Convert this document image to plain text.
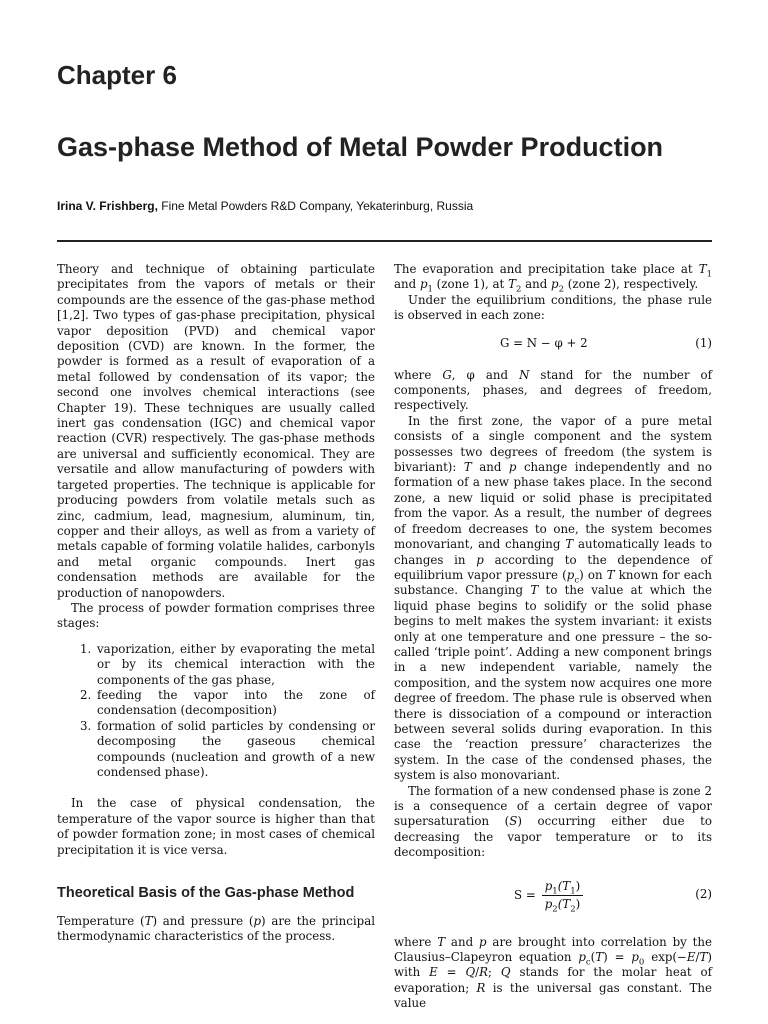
Chapter 6
Gas-phase Method of Metal Powder Production
Irina V. Frishberg, Fine Metal Powders R&D Company, Yekaterinburg, Russia

Theory and technique of obtaining particulate precipitates from the vapors of metals or their compounds are the essence of the gas-phase method [1,2]. Two types of gas-phase precipitation, physical vapor deposition (PVD) and chemical vapor deposition (CVD) are known. In the former, the powder is formed as a result of evaporation of a metal followed by condensation of its vapor; the second one involves chemical interactions (see Chapter 19). These techniques are usually called inert gas condensation (IGC) and chemical vapor reaction (CVR) respectively. The gas-phase methods are universal and sufficiently economical. They are versatile and allow manufacturing of powders with targeted properties. The technique is applicable for producing powders from volatile metals such as zinc, cadmium, lead, magnesium, aluminum, tin, copper and their alloys, as well as from a variety of metals capable of forming volatile halides, carbonyls and metal organic compounds. Inert gas condensation methods are available for the production of nanopowders.

The process of powder formation comprises three stages:

1. vaporization, either by evaporating the metal or by its chemical interaction with the components of the gas phase,
2. feeding the vapor into the zone of condensation (decomposition)
3. formation of solid particles by condensing or decomposing the gaseous chemical compounds (nucleation and growth of a new condensed phase).

In the case of physical condensation, the temperature of the vapor source is higher than that of powder formation zone; in most cases of chemical precipitation it is vice versa.

Theoretical Basis of the Gas-phase Method

Temperature (T) and pressure (p) are the principal thermodynamic characteristics of the process.

The evaporation and precipitation take place at $T_1$ and $p_1$ (zone 1), at $T_2$ and $p_2$ (zone 2), respectively.

Under the equilibrium conditions, the phase rule is observed in each zone:

G = N − φ + 2	(1)

where G, φ and N stand for the number of components, phases, and degrees of freedom, respectively.

In the first zone, the vapor of a pure metal consists of a single component and the system possesses two degrees of freedom (the system is bivariant): T and p change independently and no formation of a new phase takes place. In the second zone, a new liquid or solid phase is precipitated from the vapor. As a result, the number of degrees of freedom decreases to one, the system becomes monovariant, and changing T automatically leads to changes in p according to the dependence of equilibrium vapor pressure $(p_c)$ on T known for each substance. Changing T to the value at which the liquid phase begins to solidify or the solid phase begins to melt makes the system invariant: it exists only at one temperature and one pressure – the so-called ‘triple point’. Adding a new component brings in a new independent variable, namely the composition, and the system now acquires one more degree of freedom. The phase rule is observed when there is dissociation of a compound or interaction between several solids during evaporation. In this case the ‘reaction pressure’ characterizes the system. In the case of the condensed phases, the system is also monovariant.

The formation of a new condensed phase is zone 2 is a consequence of a certain degree of vapor supersaturation (S) occurring either due to decreasing the vapor temperature or to its decomposition:

$S = \frac{p_1(T_1)}{p_2(T_2)}$	(2)

where T and p are brought into correlation by the Clausius–Clapeyron equation $p_c(T) = p_0$ exp(−E/T) with E = Q/R; Q stands for the molar heat of evaporation; R is the universal gas constant. The value
